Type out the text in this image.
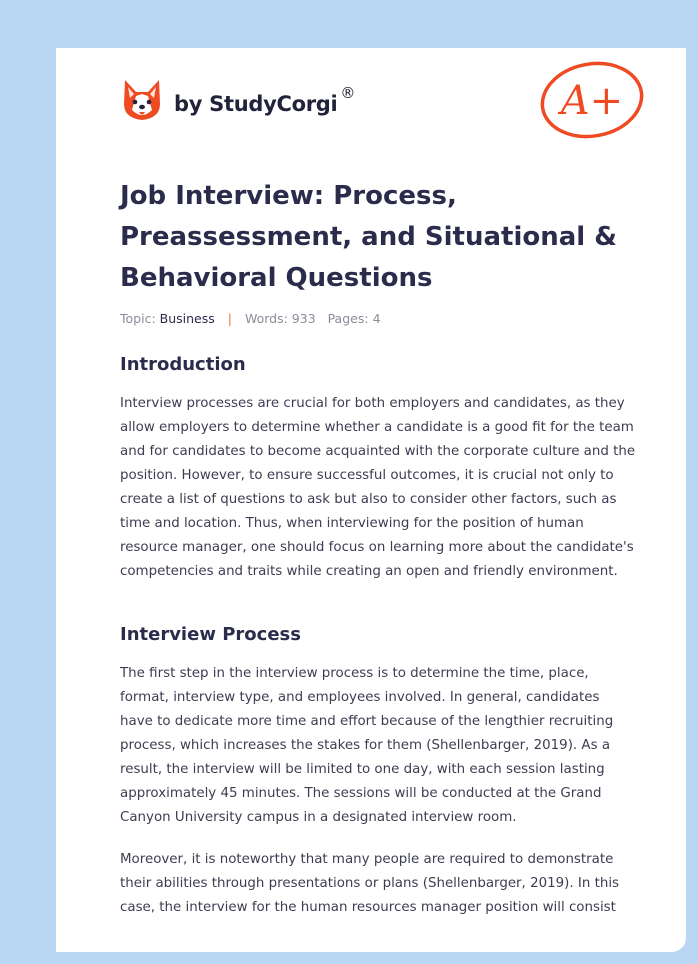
by StudyCorgi ®	A+
Job Interview: Process, Preassessment, and Situational & Behavioral Questions
Topic: Business | Words: 933 Pages: 4
Introduction

Interview processes are crucial for both employers and candidates, as they allow employers to determine whether a candidate is a good fit for the team and for candidates to become acquainted with the corporate culture and the position. However, to ensure successful outcomes, it is crucial not only to create a list of questions to ask but also to consider other factors, such as time and location. Thus, when interviewing for the position of human resource manager, one should focus on learning more about the candidate's competencies and traits while creating an open and friendly environment.

Interview Process

The first step in the interview process is to determine the time, place, format, interview type, and employees involved. In general, candidates have to dedicate more time and effort because of the lengthier recruiting process, which increases the stakes for them (Shellenbarger, 2019). As a result, the interview will be limited to one day, with each session lasting approximately 45 minutes. The sessions will be conducted at the Grand Canyon University campus in a designated interview room.

Moreover, it is noteworthy that many people are required to demonstrate their abilities through presentations or plans (Shellenbarger, 2019). In this case, the interview for the human resources manager position will consist
